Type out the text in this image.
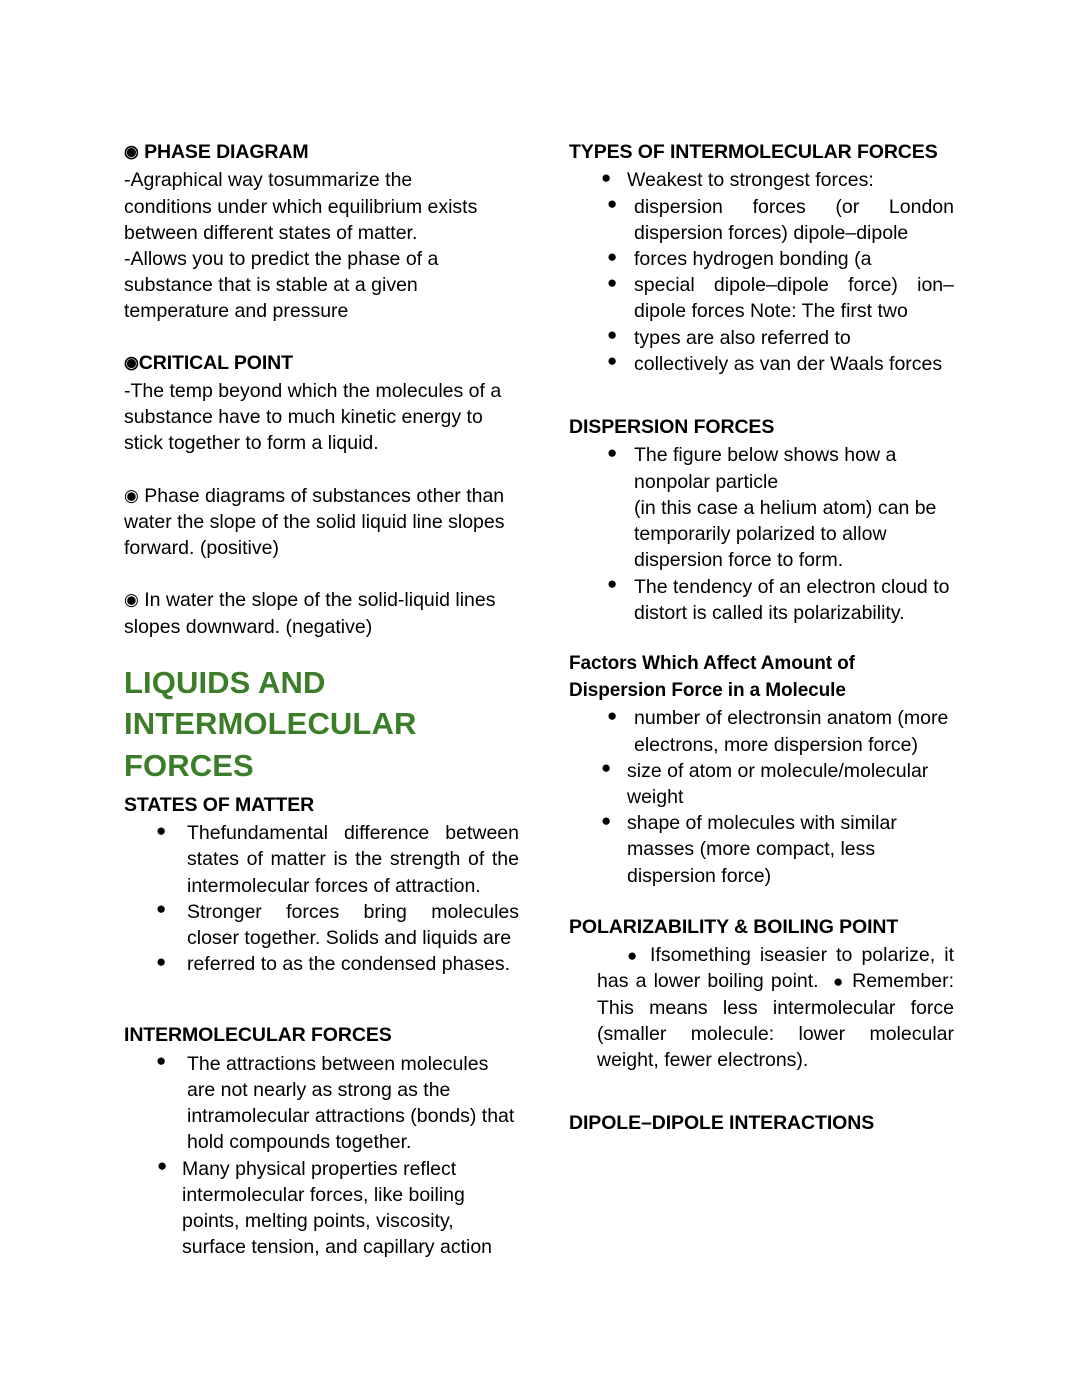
◉ PHASE DIAGRAM
-Agraphical way tosummarize the
conditions under which equilibrium exists
between different states of matter.
-Allows you to predict the phase of a
substance that is stable at a given
temperature and pressure
◉CRITICAL POINT
-The temp beyond which the molecules of a substance have to much kinetic energy to stick together to form a liquid.
◉ Phase diagrams of substances other than water the slope of the solid liquid line slopes forward. (positive)
◉ In water the slope of the solid-liquid lines slopes downward. (negative)
LIQUIDS AND INTERMOLECULAR FORCES
STATES OF MATTER
● Thefundamental difference between states of matter is the strength of the intermolecular forces of attraction.
● Stronger forces bring molecules closer together. Solids and liquids are
● referred to as the condensed phases.
INTERMOLECULAR FORCES
● The attractions between molecules are not nearly as strong as the intramolecular attractions (bonds) that hold compounds together.
● Many physical properties reflect intermolecular forces, like boiling points, melting points, viscosity, surface tension, and capillary action
TYPES OF INTERMOLECULAR FORCES
● Weakest to strongest forces:
● dispersion forces (or London dispersion forces) dipole–dipole
● forces hydrogen bonding (a
● special dipole–dipole force) ion– dipole forces Note: The first two
● types are also referred to
● collectively as van der Waals forces
DISPERSION FORCES
● The figure below shows how a
nonpolar particle
(in this case a helium atom) can be
temporarily polarized to allow
dispersion force to form.
● The tendency of an electron cloud to distort is called its polarizability.
Factors Which Affect Amount of
Dispersion Force in a Molecule
● number of electronsin anatom (more electrons, more dispersion force)
● size of atom or molecule/molecular weight
● shape of molecules with similar masses (more compact, less dispersion force)
POLARIZABILITY & BOILING POINT

● Ifsomething iseasier to polarize, it has a lower boiling point. ● Remember: This means less intermolecular force (smaller molecule: lower molecular weight, fewer electrons).

DIPOLE–DIPOLE INTERACTIONS
